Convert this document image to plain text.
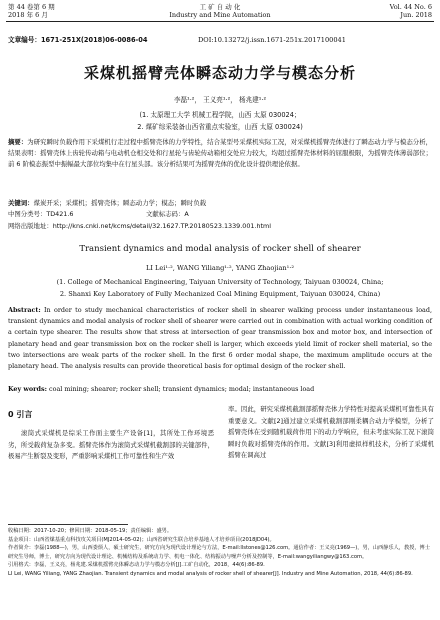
第 44 卷第 6 期
2018 年 6 月
工 矿 自 动 化
Industry and Mine Automation
Vol. 44 No. 6
Jun. 2018
文章编号：1671-251X(2018)06-0086-04	DOI:10.13272/j.issn.1671-251x.2017100041
采煤机摇臂壳体瞬态动力学与模态分析
李磊¹·²， 王义亮¹·²， 杨兆建¹·²
(1. 太原理工大学 机械工程学院，山西 太原 030024；
2. 煤矿综采装备山西省重点实验室，山西 太原 030024)
摘要：为研究瞬时负载作用下采煤机行走过程中摇臂壳体的力学特性，结合某型号采煤机实际工况，对采煤机摇臂壳体进行了瞬态动力学与模态分析，结果表明：摇臂壳体上齿轮传动箱与电动机仓相交处和行星轮与齿轮传动箱相交处应力较大，均超过摇臂壳体材料的屈服极限，为摇臂壳体薄弱部位；前 6 阶模态振型中振幅最大部位均集中在行星头部。该分析结果可为摇臂壳体的优化设计提供理论依据。
关键词：煤炭开采；采煤机；摇臂壳体；瞬态动力学；模态；瞬时负载
中图分类号：TD421.6	文献标志码：A
网络出版地址：http://kns.cnki.net/kcms/detail/32.1627.TP.20180523.1339.001.html
Transient dynamics and modal analysis of rocker shell of shearer
LI Lei¹·², WANG Yiliang¹·², YANG Zhaojian¹·²
(1. College of Mechanical Engineering, Taiyuan University of Technology, Taiyuan 030024, China;
2. Shanxi Key Laboratory of Fully Mechanized Coal Mining Equipment, Taiyuan 030024, China)
Abstract: In order to study mechanical characteristics of rocker shell in shearer walking process under instantaneous load, transient dynamics and modal analysis of rocker shell of shearer were carried out in combination with actual working condition of a certain type shearer. The results show that stress at intersection of gear transmission box and motor box, and intersection of planetary head and gear transmission box on the rocker shell is larger, which exceeds yield limit of rocker shell material, so the two intersections are weak parts of the rocker shell. In the first 6 order modal shape, the maximum amplitude occurs at the planetary head. The analysis results can provide theoretical basis for optimal design of the rocker shell.
Key words: coal mining; shearer; rocker shell; transient dynamics; modal; instantaneous load
0 引言
滚筒式采煤机是综采工作面主要生产设备[1]，其所处工作环境恶劣，所受载荷复杂多变。摇臂壳体作为滚筒式采煤机截割部的关键部件，极易产生断裂及变形，严重影响采煤机工作可靠性和生产效
率。因此，研究采煤机截割部摇臂壳体力学特性对提高采煤机可靠性具有重要意义。文献[2]通过建立采煤机截割部刚柔耦合动力学模型，分析了摇臂壳体在受到随机载荷作用下的动力学响应，但未考虑实际工况下滚筒瞬时负载对摇臂壳体的作用。文献[3]利用虚拟样机技术，分析了采煤机摇臂在调高过
收稿日期：2017-10-20；修回日期：2018-05-19；责任编辑：盛男。
基金项目：山西省煤基重点科技攻关项目(MJ2014-05-02)；山西省研究生联合培养基地人才培养项目(2018JD04)。
作者简介：李磊(1988—)，男，山西娄烦人，硕士研究生，研究方向为现代设计理论与方法，E-mail:llstones@126.com。通信作者：王义亮(1969—)，男，山西静乐人，教授，博士研究生导师，博士，研究方向为现代设计理论、机械结构及系统动力学、机电一体化、结构振动与噪声分析及控制等，E-mail:wangyiliangwy@163.com。
引用格式：李磊，王义亮，杨兆建.采煤机摇臂壳体瞬态动力学与模态分析[J].工矿自动化，2018，44(6):86-89.
LI Lei, WANG Yiliang, YANG Zhaojian. Transient dynamics and modal analysis of rocker shell of shearer[J]. Industry and Mine Automation, 2018, 44(6):86-89.
